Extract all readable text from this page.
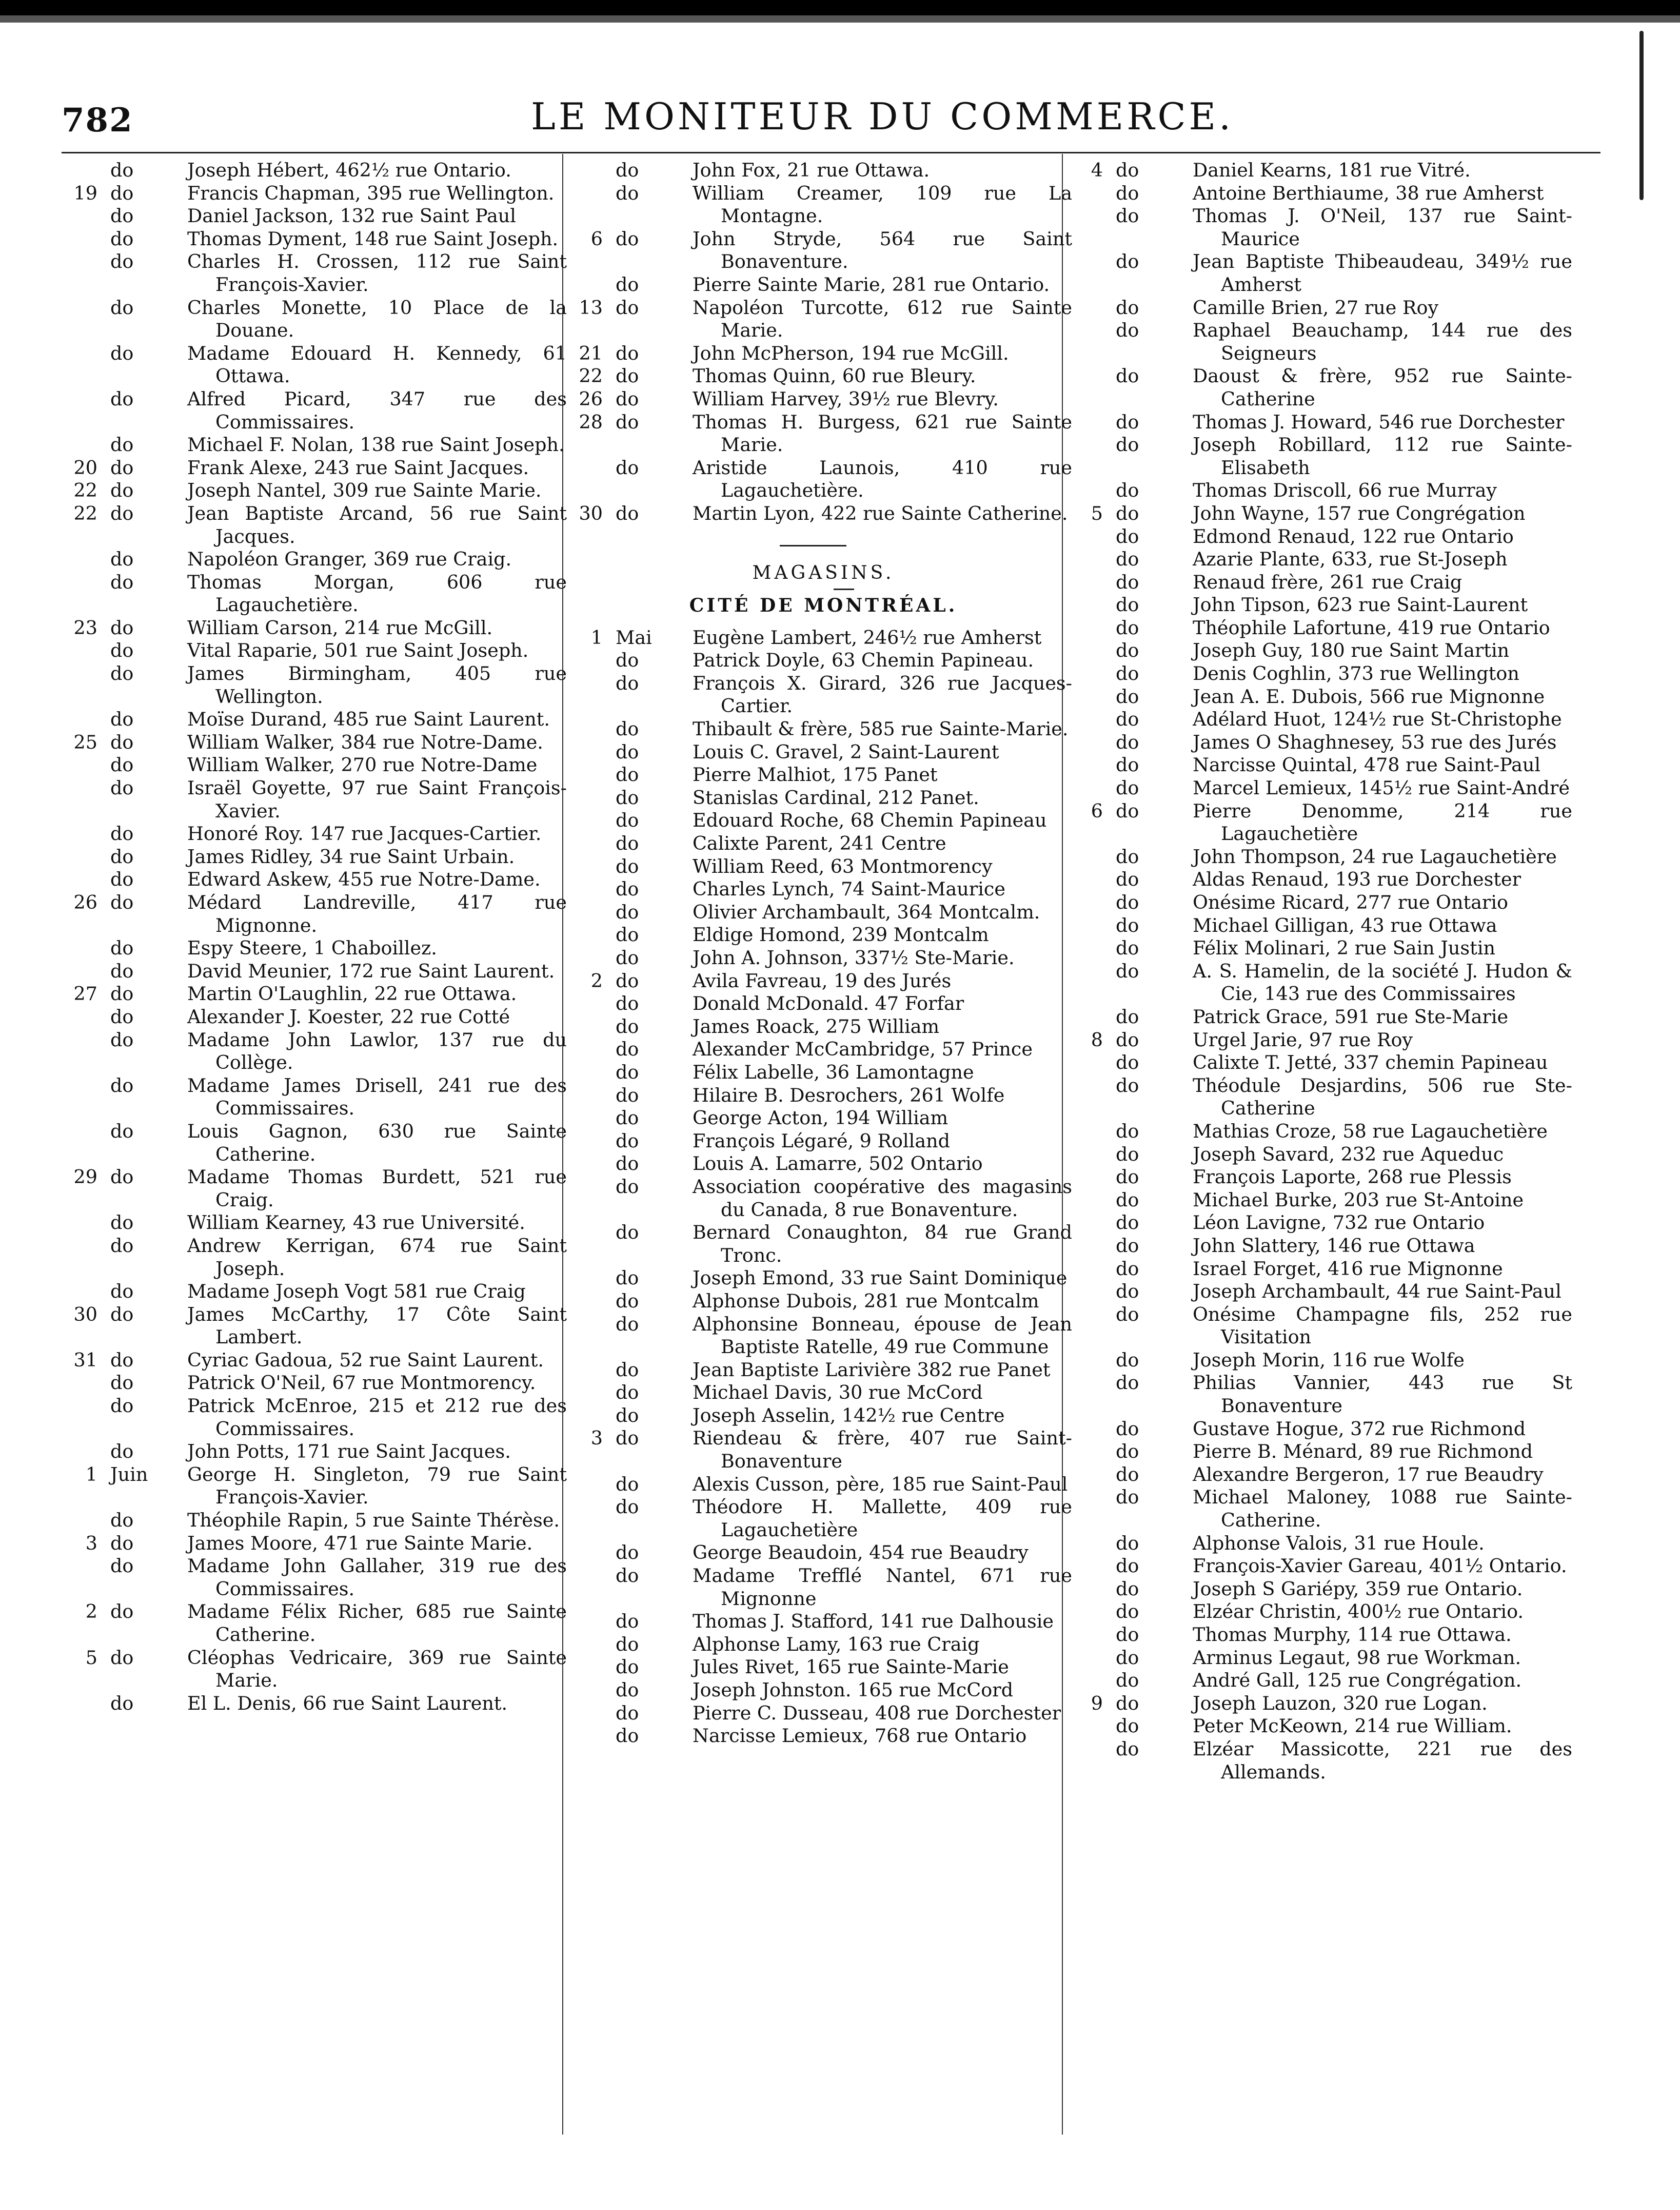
782	LE MONITEUR DU COMMERCE.
do	Joseph Hébert, 462½ rue Ontario.
19 do	Francis Chapman, 395 rue Wellington.
do	Daniel Jackson, 132 rue Saint Paul
do	Thomas Dyment, 148 rue Saint Joseph.
do	Charles H. Crossen, 112 rue Saint François-Xavier.
do	Charles Monette, 10 Place de la Douane.
do	Madame Edouard H. Kennedy, 61 Ottawa.
do	Alfred Picard, 347 rue des Commissaires.
do	Michael F. Nolan, 138 rue Saint Joseph.
20 do	Frank Alexe, 243 rue Saint Jacques.
22 do	Joseph Nantel, 309 rue Sainte Marie.
22 do	Jean Baptiste Arcand, 56 rue Saint Jacques.
do	Napoléon Granger, 369 rue Craig.
do	Thomas Morgan, 606 rue Lagauchetière.
23 do	William Carson, 214 rue McGill.
do	Vital Raparie, 501 rue Saint Joseph.
do	James Birmingham, 405 rue Wellington.
do	Moïse Durand, 485 rue Saint Laurent.
25 do	William Walker, 384 rue Notre-Dame.
do	William Walker, 270 rue Notre-Dame
do	Israël Goyette, 97 rue Saint François-Xavier.
do	Honoré Roy. 147 rue Jacques-Cartier.
do	James Ridley, 34 rue Saint Urbain.
do	Edward Askew, 455 rue Notre-Dame.
26 do	Médard Landreville, 417 rue Mignonne.
do	Espy Steere, 1 Chaboillez.
do	David Meunier, 172 rue Saint Laurent.
27 do	Martin O'Laughlin, 22 rue Ottawa.
do	Alexander J. Koester, 22 rue Cotté
do	Madame John Lawlor, 137 rue du Collège.
do	Madame James Drisell, 241 rue des Commissaires.
do	Louis Gagnon, 630 rue Sainte Catherine.
29 do	Madame Thomas Burdett, 521 rue Craig.
do	William Kearney, 43 rue Université.
do	Andrew Kerrigan, 674 rue Saint Joseph.
do	Madame Joseph Vogt 581 rue Craig
30 do	James McCarthy, 17 Côte Saint Lambert.
31 do	Cyriac Gadoua, 52 rue Saint Laurent.
do	Patrick O'Neil, 67 rue Montmorency.
do	Patrick McEnroe, 215 et 212 rue des Commissaires.
do	John Potts, 171 rue Saint Jacques.
1 Juin	George H. Singleton, 79 rue Saint François-Xavier.
do	Théophile Rapin, 5 rue Sainte Thérèse.
3 do	James Moore, 471 rue Sainte Marie.
do	Madame John Gallaher, 319 rue des Commissaires.
2 do	Madame Félix Richer, 685 rue Sainte Catherine.
5 do	Cléophas Vedricaire, 369 rue Sainte Marie.
do	El L. Denis, 66 rue Saint Laurent.
do	John Fox, 21 rue Ottawa.
do	William Creamer, 109 rue La Montagne.
6 do	John Stryde, 564 rue Saint Bonaventure.
do	Pierre Sainte Marie, 281 rue Ontario.
13 do	Napoléon Turcotte, 612 rue Sainte Marie.
21 do	John McPherson, 194 rue McGill.
22 do	Thomas Quinn, 60 rue Bleury.
26 do	William Harvey, 39½ rue Blevry.
28 do	Thomas H. Burgess, 621 rue Sainte Marie.
do	Aristide Launois, 410 rue Lagauchetière.
30 do	Martin Lyon, 422 rue Sainte Catherine.
MAGASINS.
CITÉ DE MONTRÉAL.
1 Mai	Eugène Lambert, 246½ rue Amherst
do	Patrick Doyle, 63 Chemin Papineau.
do	François X. Girard, 326 rue Jacques-Cartier.
do	Thibault & frère, 585 rue Sainte-Marie.
do	Louis C. Gravel, 2 Saint-Laurent
do	Pierre Malhiot, 175 Panet
do	Stanislas Cardinal, 212 Panet.
do	Edouard Roche, 68 Chemin Papineau
do	Calixte Parent, 241 Centre
do	William Reed, 63 Montmorency
do	Charles Lynch, 74 Saint-Maurice
do	Olivier Archambault, 364 Montcalm.
do	Eldige Homond, 239 Montcalm
do	John A. Johnson, 337½ Ste-Marie.
2 do	Avila Favreau, 19 des Jurés
do	Donald McDonald. 47 Forfar
do	James Roack, 275 William
do	Alexander McCambridge, 57 Prince
do	Félix Labelle, 36 Lamontagne
do	Hilaire B. Desrochers, 261 Wolfe
do	George Acton, 194 William
do	François Légaré, 9 Rolland
do	Louis A. Lamarre, 502 Ontario
do	Association coopérative des magasins du Canada, 8 rue Bonaventure.
do	Bernard Conaughton, 84 rue Grand Tronc.
do	Joseph Emond, 33 rue Saint Dominique
do	Alphonse Dubois, 281 rue Montcalm
do	Alphonsine Bonneau, épouse de Jean Baptiste Ratelle, 49 rue Commune
do	Jean Baptiste Larivière 382 rue Panet
do	Michael Davis, 30 rue McCord
do	Joseph Asselin, 142½ rue Centre
3 do	Riendeau & frère, 407 rue Saint-Bonaventure
do	Alexis Cusson, père, 185 rue Saint-Paul
do	Théodore H. Mallette, 409 rue Lagauchetière
do	George Beaudoin, 454 rue Beaudry
do	Madame Trefflé Nantel, 671 rue Mignonne
do	Thomas J. Stafford, 141 rue Dalhousie
do	Alphonse Lamy, 163 rue Craig
do	Jules Rivet, 165 rue Sainte-Marie
do	Joseph Johnston. 165 rue McCord
do	Pierre C. Dusseau, 408 rue Dorchester
do	Narcisse Lemieux, 768 rue Ontario
4 do	Daniel Kearns, 181 rue Vitré.
do	Antoine Berthiaume, 38 rue Amherst
do	Thomas J. O'Neil, 137 rue Saint-Maurice
do	Jean Baptiste Thibeaudeau, 349½ rue Amherst
do	Camille Brien, 27 rue Roy
do	Raphael Beauchamp, 144 rue des Seigneurs
do	Daoust & frère, 952 rue Sainte-Catherine
do	Thomas J. Howard, 546 rue Dorchester
do	Joseph Robillard, 112 rue Sainte-Elisabeth
do	Thomas Driscoll, 66 rue Murray
5 do	John Wayne, 157 rue Congrégation
do	Edmond Renaud, 122 rue Ontario
do	Azarie Plante, 633, rue St-Joseph
do	Renaud frère, 261 rue Craig
do	John Tipson, 623 rue Saint-Laurent
do	Théophile Lafortune, 419 rue Ontario
do	Joseph Guy, 180 rue Saint Martin
do	Denis Coghlin, 373 rue Wellington
do	Jean A. E. Dubois, 566 rue Mignonne
do	Adélard Huot, 124½ rue St-Christophe
do	James O Shaghnesey, 53 rue des Jurés
do	Narcisse Quintal, 478 rue Saint-Paul
do	Marcel Lemieux, 145½ rue Saint-André
6 do	Pierre Denomme, 214 rue Lagauchetière
do	John Thompson, 24 rue Lagauchetière
do	Aldas Renaud, 193 rue Dorchester
do	Onésime Ricard, 277 rue Ontario
do	Michael Gilligan, 43 rue Ottawa
do	Félix Molinari, 2 rue Sain Justin
do	A. S. Hamelin, de la société J. Hudon & Cie, 143 rue des Commissaires
do	Patrick Grace, 591 rue Ste-Marie
8 do	Urgel Jarie, 97 rue Roy
do	Calixte T. Jetté, 337 chemin Papineau
do	Théodule Desjardins, 506 rue Ste-Catherine
do	Mathias Croze, 58 rue Lagauchetière
do	Joseph Savard, 232 rue Aqueduc
do	François Laporte, 268 rue Plessis
do	Michael Burke, 203 rue St-Antoine
do	Léon Lavigne, 732 rue Ontario
do	John Slattery, 146 rue Ottawa
do	Israel Forget, 416 rue Mignonne
do	Joseph Archambault, 44 rue Saint-Paul
do	Onésime Champagne fils, 252 rue Visitation
do	Joseph Morin, 116 rue Wolfe
do	Philias Vannier, 443 rue St Bonaventure
do	Gustave Hogue, 372 rue Richmond
do	Pierre B. Ménard, 89 rue Richmond
do	Alexandre Bergeron, 17 rue Beaudry
do	Michael Maloney, 1088 rue Sainte-Catherine.
do	Alphonse Valois, 31 rue Houle.
do	François-Xavier Gareau, 401½ Ontario.
do	Joseph S Gariépy, 359 rue Ontario.
do	Elzéar Christin, 400½ rue Ontario.
do	Thomas Murphy, 114 rue Ottawa.
do	Arminus Legaut, 98 rue Workman.
do	André Gall, 125 rue Congrégation.
9 do	Joseph Lauzon, 320 rue Logan.
do	Peter McKeown, 214 rue William.
do	Elzéar Massicotte, 221 rue des Allemands.
